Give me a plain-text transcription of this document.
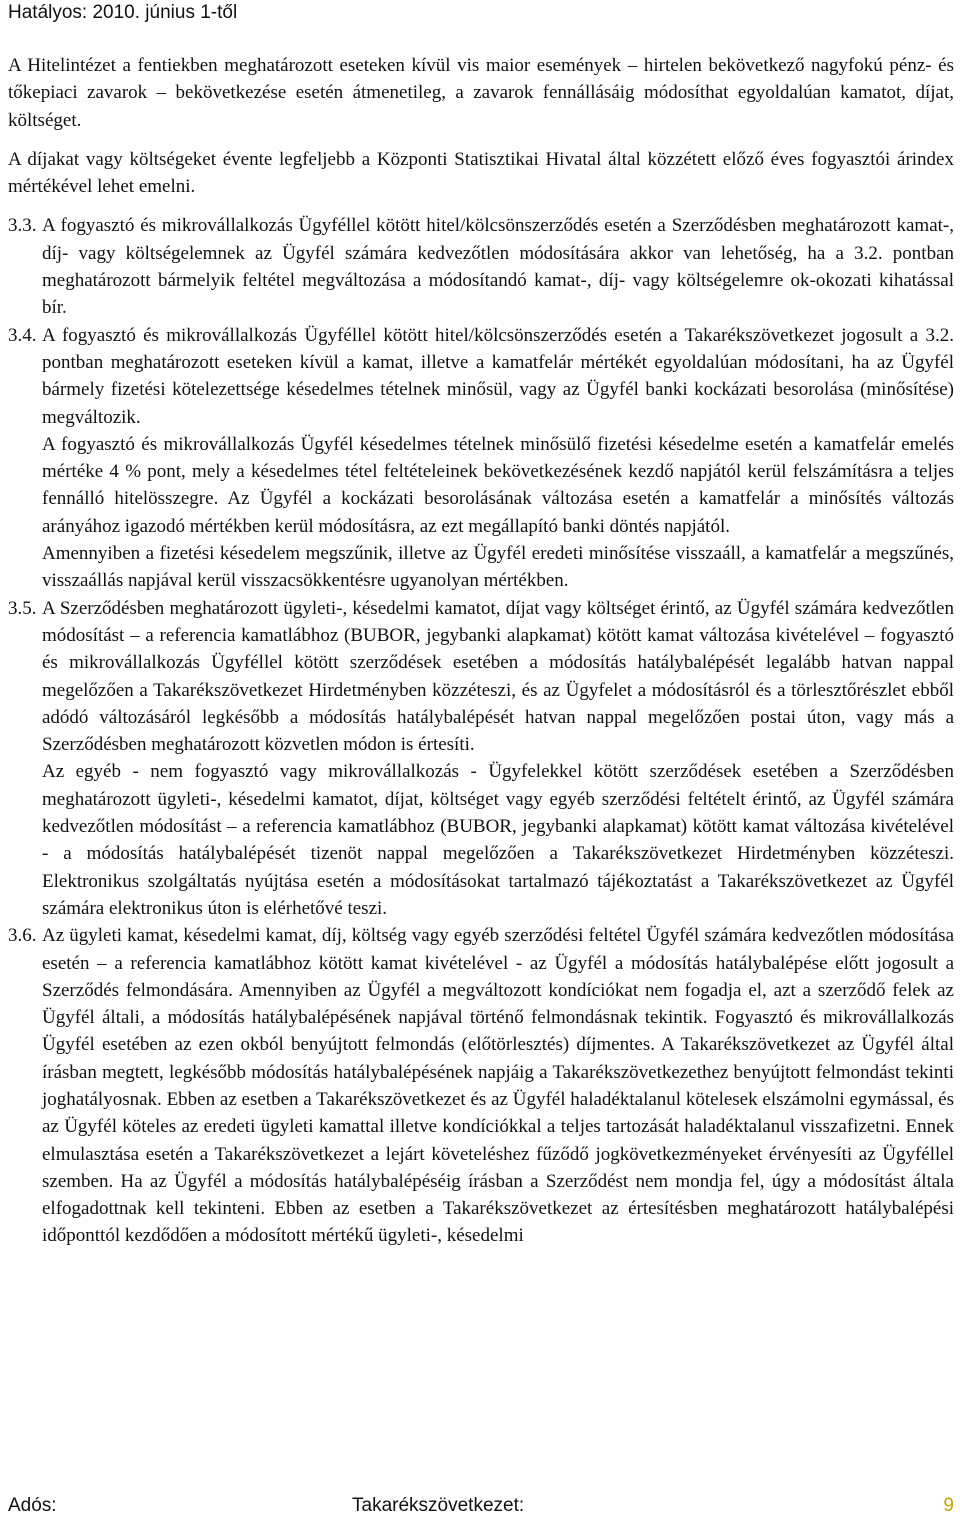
Hatályos: 2010. június 1-től

A Hitelintézet a fentiekben meghatározott eseteken kívül vis maior események – hirtelen bekövetkező nagyfokú pénz- és tőkepiaci zavarok – bekövetkezése esetén átmenetileg, a zavarok fennállásáig módosíthat egyoldalúan kamatot, díjat, költséget.

A díjakat vagy költségeket évente legfeljebb a Központi Statisztikai Hivatal által közzétett előző éves fogyasztói árindex mértékével lehet emelni.

3.3. A fogyasztó és mikrovállalkozás Ügyféllel kötött hitel/kölcsönszerződés esetén a Szerződésben meghatározott kamat-, díj- vagy költségelemnek az Ügyfél számára kedvezőtlen módosítására akkor van lehetőség, ha a 3.2. pontban meghatározott bármelyik feltétel megváltozása a módosítandó kamat-, díj- vagy költségelemre ok-okozati kihatással bír.

3.4. A fogyasztó és mikrovállalkozás Ügyféllel kötött hitel/kölcsönszerződés esetén a Takarékszövetkezet jogosult a 3.2. pontban meghatározott eseteken kívül a kamat, illetve a kamatfelár mértékét egyoldalúan módosítani, ha az Ügyfél bármely fizetési kötelezettsége késedelmes tételnek minősül, vagy az Ügyfél banki kockázati besorolása (minősítése) megváltozik.

A fogyasztó és mikrovállalkozás Ügyfél késedelmes tételnek minősülő fizetési késedelme esetén a kamatfelár emelés mértéke 4 % pont, mely a késedelmes tétel feltételeinek bekövetkezésének kezdő napjától kerül felszámításra a teljes fennálló hitelösszegre. Az Ügyfél a kockázati besorolásának változása esetén a kamatfelár a minősítés változás arányához igazodó mértékben kerül módosításra, az ezt megállapító banki döntés napjától.

Amennyiben a fizetési késedelem megszűnik, illetve az Ügyfél eredeti minősítése visszaáll, a kamatfelár a megszűnés, visszaállás napjával kerül visszacsökkentésre ugyanolyan mértékben.

3.5. A Szerződésben meghatározott ügyleti-, késedelmi kamatot, díjat vagy költséget érintő, az Ügyfél számára kedvezőtlen módosítást – a referencia kamatlábhoz (BUBOR, jegybanki alapkamat) kötött kamat változása kivételével – fogyasztó és mikrovállalkozás Ügyféllel kötött szerződések esetében a módosítás hatálybalépését legalább hatvan nappal megelőzően a Takarékszövetkezet Hirdetményben közzéteszi, és az Ügyfelet a módosításról és a törlesztőrészlet ebből adódó változásáról legkésőbb a módosítás hatálybalépését hatvan nappal megelőzően postai úton, vagy más a Szerződésben meghatározott közvetlen módon is értesíti.

Az egyéb - nem fogyasztó vagy mikrovállalkozás - Ügyfelekkel kötött szerződések esetében a Szerződésben meghatározott ügyleti-, késedelmi kamatot, díjat, költséget vagy egyéb szerződési feltételt érintő, az Ügyfél számára kedvezőtlen módosítást – a referencia kamatlábhoz (BUBOR, jegybanki alapkamat) kötött kamat változása kivételével - a módosítás hatálybalépését tizenöt nappal megelőzően a Takarékszövetkezet Hirdetményben közzéteszi. Elektronikus szolgáltatás nyújtása esetén a módosításokat tartalmazó tájékoztatást a Takarékszövetkezet az Ügyfél számára elektronikus úton is elérhetővé teszi.

3.6. Az ügyleti kamat, késedelmi kamat, díj, költség vagy egyéb szerződési feltétel Ügyfél számára kedvezőtlen módosítása esetén – a referencia kamatlábhoz kötött kamat kivételével - az Ügyfél a módosítás hatálybalépése előtt jogosult a Szerződés felmondására. Amennyiben az Ügyfél a megváltozott kondíciókat nem fogadja el, azt a szerződő felek az Ügyfél általi, a módosítás hatálybalépésének napjával történő felmondásnak tekintik. Fogyasztó és mikrovállalkozás Ügyfél esetében az ezen okból benyújtott felmondás (előtörlesztés) díjmentes. A Takarékszövetkezet az Ügyfél által írásban megtett, legkésőbb módosítás hatálybalépésének napjáig a Takarékszövetkezethez benyújtott felmondást tekinti joghatályosnak. Ebben az esetben a Takarékszövetkezet és az Ügyfél haladéktalanul kötelesek elszámolni egymással, és az Ügyfél köteles az eredeti ügyleti kamattal illetve kondíciókkal a teljes tartozását haladéktalanul visszafizetni. Ennek elmulasztása esetén a Takarékszövetkezet a lejárt követeléshez fűződő jogkövetkezményeket érvényesíti az Ügyféllel szemben. Ha az Ügyfél a módosítás hatálybalépéséig írásban a Szerződést nem mondja fel, úgy a módosítást általa elfogadottnak kell tekinteni. Ebben az esetben a Takarékszövetkezet az értesítésben meghatározott hatálybalépési időponttól kezdődően a módosított mértékű ügyleti-, késedelmi

Adós:	Takarékszövetkezet:	9
